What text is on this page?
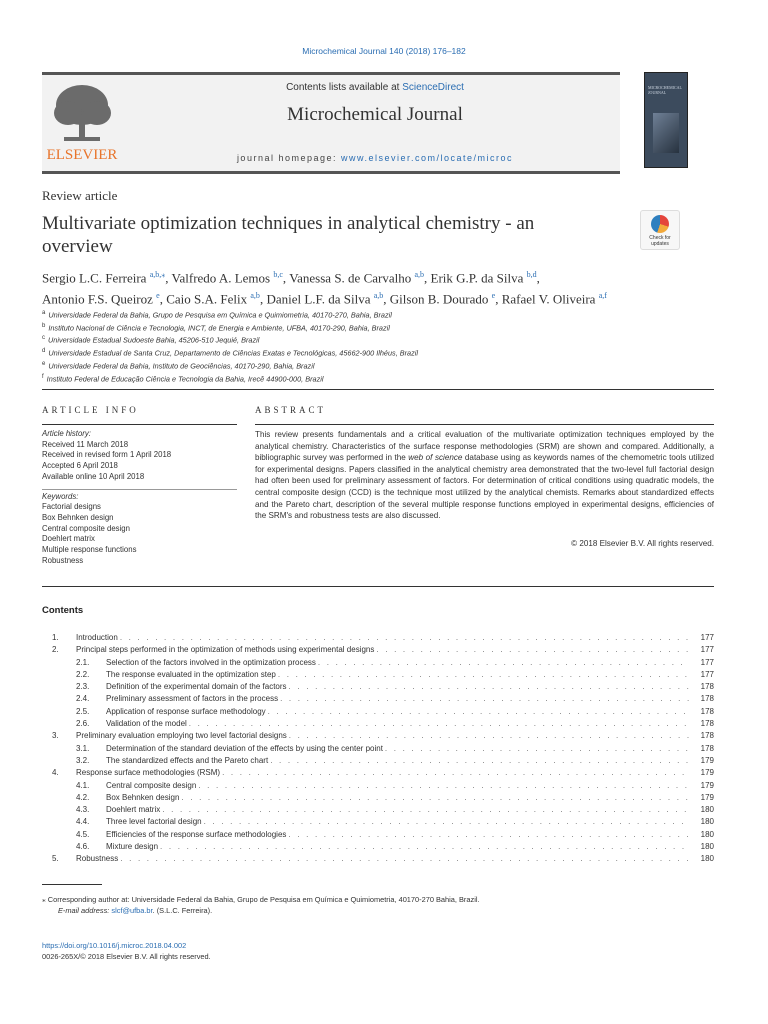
Microchemical Journal 140 (2018) 176–182
ELSEVIER
Contents lists available at ScienceDirect
Microchemical Journal
journal homepage: www.elsevier.com/locate/microc
MICROCHEMICAL JOURNAL
Review article
Multivariate optimization techniques in analytical chemistry - an overview	Check for updates
Sergio L.C. Ferreira $^{a,b,⁎}$, Valfredo A. Lemos $^{b,c}$, Vanessa S. de Carvalho $^{a,b}$, Erik G.P. da Silva $^{b,d}$,
Antonio F.S. Queiroz $^e$, Caio S.A. Felix $^{a,b}$, Daniel L.F. da Silva $^{a,b}$, Gilson B. Dourado $^e$, Rafael V. Oliveira $^{a,f}$
$^a$ Universidade Federal da Bahia, Grupo de Pesquisa em Química e Quimiometria, 40170-270, Bahia, Brazil
$^b$ Instituto Nacional de Ciência e Tecnologia, INCT, de Energia e Ambiente, UFBA, 40170-290, Bahia, Brazil
$^c$ Universidade Estadual Sudoeste Bahia, 45206-510 Jequié, Brazil
$^d$ Universidade Estadual de Santa Cruz, Departamento de Ciências Exatas e Tecnológicas, 45662-900 Ilhéus, Brazil
$^e$ Universidade Federal da Bahia, Instituto de Geociências, 40170-290, Bahia, Brazil
$^f$ Instituto Federal de Educação Ciência e Tecnologia da Bahia, Irecê 44900-000, Brazil
ARTICLE INFO
Article history:
Received 11 March 2018
Received in revised form 1 April 2018
Accepted 6 April 2018
Available online 10 April 2018
Keywords:
Factorial designs
Box Behnken design
Central composite design
Doehlert matrix
Multiple response functions
Robustness
ABSTRACT

This review presents fundamentals and a critical evaluation of the multivariate optimization techniques employed by the analytical chemistry. Characteristics of the surface response methodologies (SRM) are shown and compared. Additionally, a bibliographic survey was performed in the web of science database using as keywords names of the chemometric tools utilized for experimental designs. Papers classified in the analytical chemistry area demonstrated that the two-level full factorial design had often been used for preliminary assessment of factors. For determination of critical conditions using quadratic models, the central composite design (CCD) is the technique most utilized by the analytical chemists. Remarks about standardized effects and the Pareto chart, description of the several multiple response functions employed in experimental designs, efficiencies of the SRM's and robustness tests are also discussed.

© 2018 Elsevier B.V. All rights reserved.
Contents
1.	Introduction . . .	177
2.	Principal steps performed in the optimization of methods using experimental designs . . .	177
2.1.	Selection of the factors involved in the optimization process . . .	177
2.2.	The response evaluated in the optimization step . . .	177
2.3.	Definition of the experimental domain of the factors . . .	178
2.4.	Preliminary assessment of factors in the process . . .	178
2.5.	Application of response surface methodology . . .	178
2.6.	Validation of the model . . .	178
3.	Preliminary evaluation employing two level factorial designs . . .	178
3.1.	Determination of the standard deviation of the effects by using the center point . . .	178
3.2.	The standardized effects and the Pareto chart . . .	179
4.	Response surface methodologies (RSM) . . .	179
4.1.	Central composite design . . .	179
4.2.	Box Behnken design . . .	179
4.3.	Doehlert matrix . . .	180
4.4.	Three level factorial design . . .	180
4.5.	Efficiencies of the response surface methodologies . . .	180
4.6.	Mixture design . . .	180
5.	Robustness . . .	180
⁎ Corresponding author at: Universidade Federal da Bahia, Grupo de Pesquisa em Química e Quimiometria, 40170-270 Bahia, Brazil.
E-mail address: slcf@ufba.br. (S.L.C. Ferreira).
https://doi.org/10.1016/j.microc.2018.04.002
0026-265X/© 2018 Elsevier B.V. All rights reserved.
